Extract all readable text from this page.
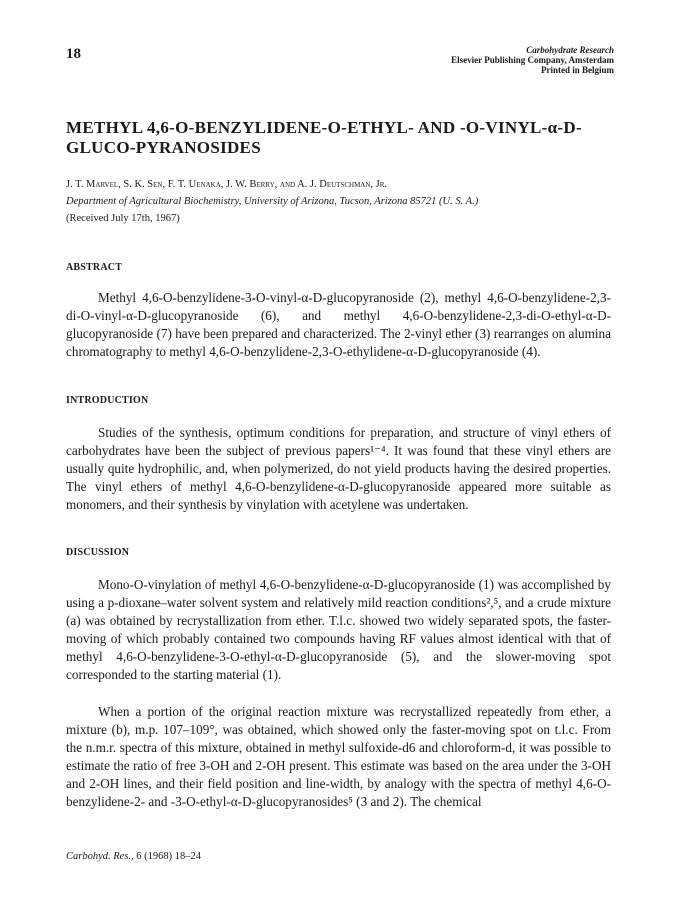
18	Carbohydrate Research
Elsevier Publishing Company, Amsterdam
Printed in Belgium
METHYL 4,6-O-BENZYLIDENE-O-ETHYL- AND -O-VINYL-α-D-GLUCO-PYRANOSIDES
J. T. Marvel, S. K. Sen, F. T. Uenaka, J. W. Berry, and A. J. Deutschman, Jr.
Department of Agricultural Biochemistry, University of Arizona, Tucson, Arizona 85721 (U. S. A.)
(Received July 17th, 1967)
ABSTRACT

Methyl 4,6-O-benzylidene-3-O-vinyl-α-D-glucopyranoside (2), methyl 4,6-O-benzylidene-2,3-di-O-vinyl-α-D-glucopyranoside (6), and methyl 4,6-O-benzylidene-2,3-di-O-ethyl-α-D-glucopyranoside (7) have been prepared and characterized. The 2-vinyl ether (3) rearranges on alumina chromatography to methyl 4,6-O-benzylidene-2,3-O-ethylidene-α-D-glucopyranoside (4).

INTRODUCTION

Studies of the synthesis, optimum conditions for preparation, and structure of vinyl ethers of carbohydrates have been the subject of previous papers¹⁻⁴. It was found that these vinyl ethers are usually quite hydrophilic, and, when polymerized, do not yield products having the desired properties. The vinyl ethers of methyl 4,6-O-benzylidene-α-D-glucopyranoside appeared more suitable as monomers, and their synthesis by vinylation with acetylene was undertaken.

DISCUSSION

Mono-O-vinylation of methyl 4,6-O-benzylidene-α-D-glucopyranoside (1) was accomplished by using a p-dioxane–water solvent system and relatively mild reaction conditions²,⁵, and a crude mixture (a) was obtained by recrystallization from ether. T.l.c. showed two widely separated spots, the faster-moving of which probably contained two compounds having RF values almost identical with that of methyl 4,6-O-benzylidene-3-O-ethyl-α-D-glucopyranoside (5), and the slower-moving spot corresponded to the starting material (1).

When a portion of the original reaction mixture was recrystallized repeatedly from ether, a mixture (b), m.p. 107–109°, was obtained, which showed only the faster-moving spot on t.l.c. From the n.m.r. spectra of this mixture, obtained in methyl sulfoxide-d6 and chloroform-d, it was possible to estimate the ratio of free 3-OH and 2-OH present. This estimate was based on the area under the 3-OH and 2-OH lines, and their field position and line-width, by analogy with the spectra of methyl 4,6-O-benzylidene-2- and -3-O-ethyl-α-D-glucopyranosides⁵ (3 and 2). The chemical

Carbohyd. Res., 6 (1968) 18–24
